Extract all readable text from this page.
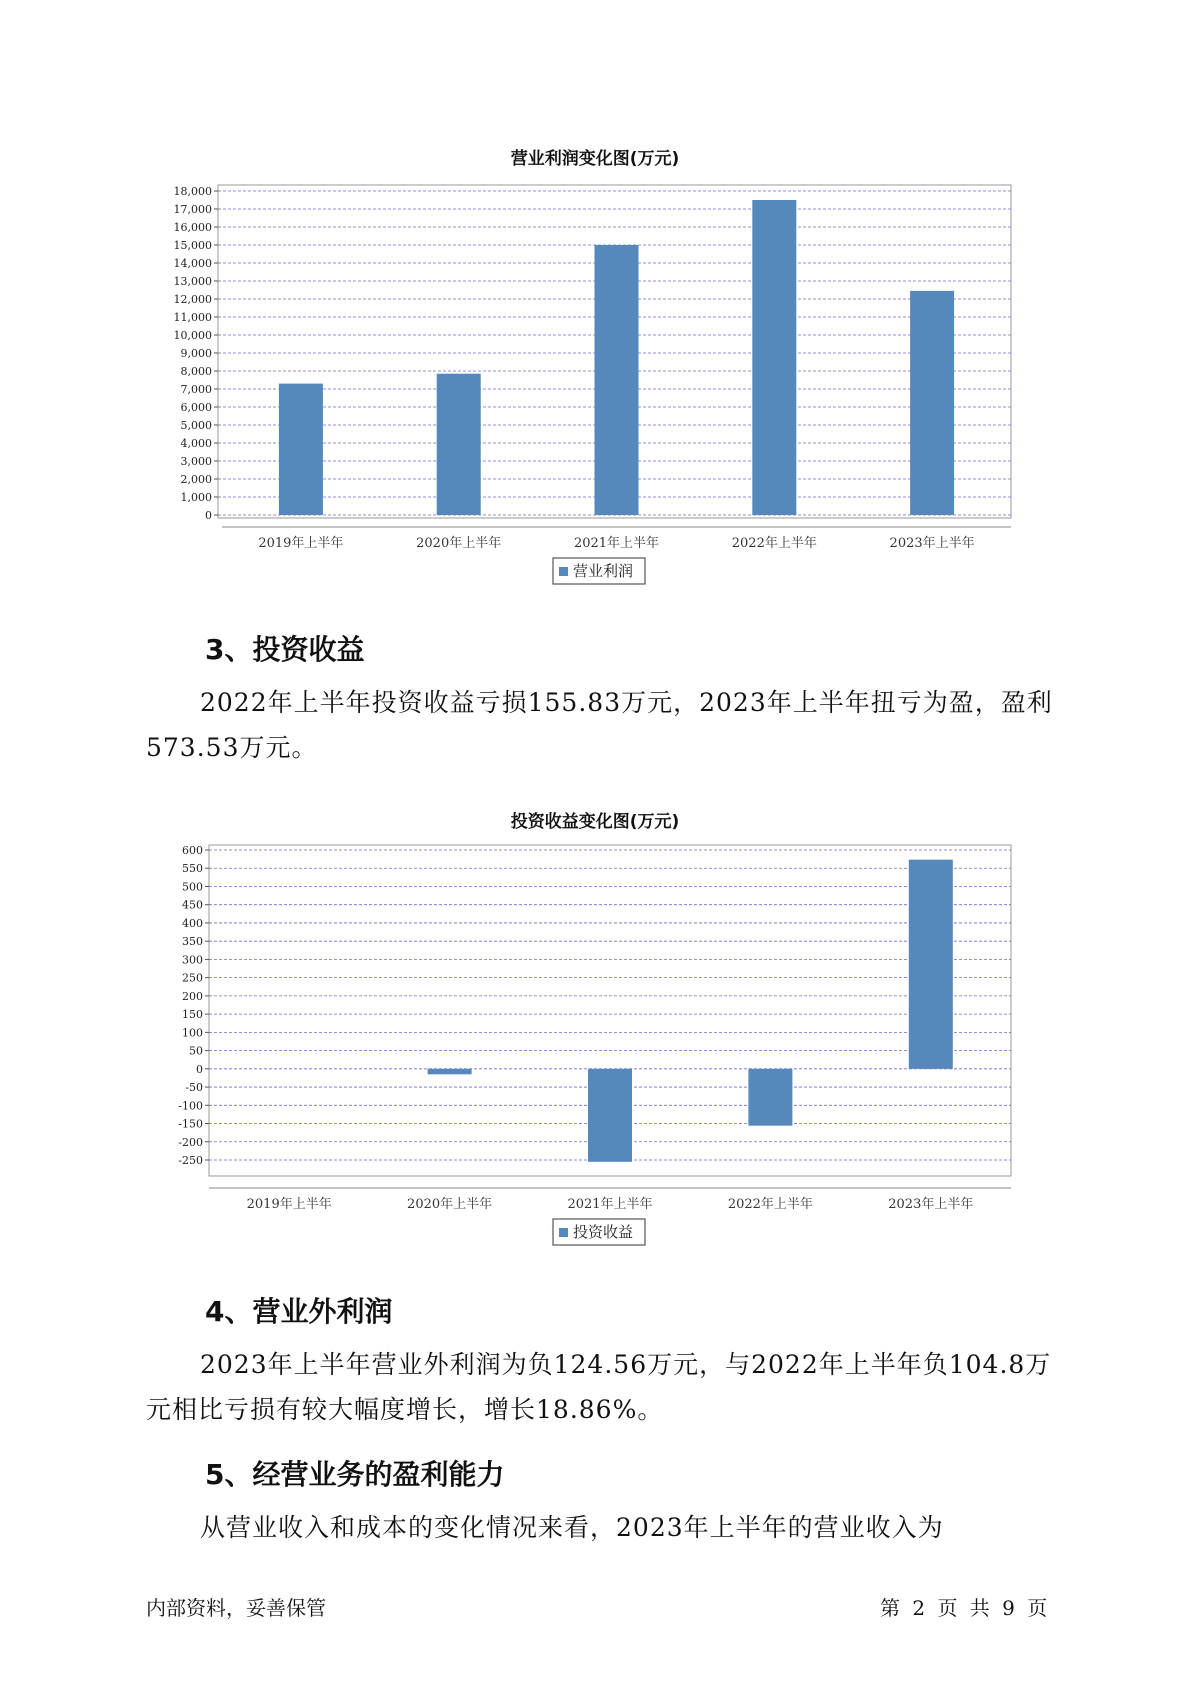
营业利润变化图(万元)
0
1,000
2,000
3,000
4,000
5,000
6,000
7,000
8,000
9,000
10,000
11,000
12,000
13,000
14,000
15,000
16,000
17,000
18,000
2019年上半年	2020年上半年	2021年上半年	2022年上半年	2023年上半年
营业利润
3、投资收益

2022年上半年投资收益亏损155.83万元，2023年上半年扭亏为盈，盈利573.53万元。

投资收益变化图(万元)
600
550
500
450
400
350
300
250
200
150
100
50
0
-50
-100
-150
-200
-250
2019年上半年	2020年上半年	2021年上半年	2022年上半年	2023年上半年
投资收益
4、营业外利润

2023年上半年营业外利润为负124.56万元，与2022年上半年负104.8万元相比亏损有较大幅度增长，增长18.86%。

5、经营业务的盈利能力

从营业收入和成本的变化情况来看，2023年上半年的营业收入为

内部资料，妥善保管	第 2 页 共 9 页
